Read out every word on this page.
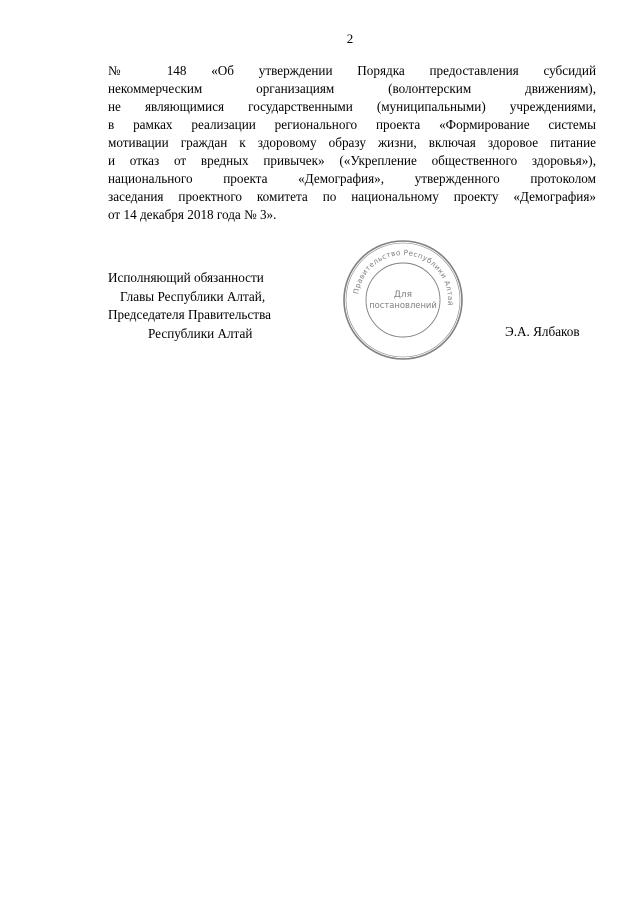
2
№ 148 «Об утверждении Порядка предоставления субсидий
некоммерческим организациям (волонтерским движениям),
не являющимися государственными (муниципальными) учреждениями,
в рамках реализации регионального проекта «Формирование системы
мотивации граждан к здоровому образу жизни, включая здоровое питание
и отказ от вредных привычек» («Укрепление общественного здоровья»),
национального проекта «Демография», утвержденного протоколом
заседания проектного комитета по национальному проекту «Демография»
от 14 декабря 2018 года № 3».
Исполняющий обязанности
Главы Республики Алтай,
Председателя Правительства
Республики Алтай
Правительство Республики Алтай
Для
постановлений
Э.А. Ялбаков
